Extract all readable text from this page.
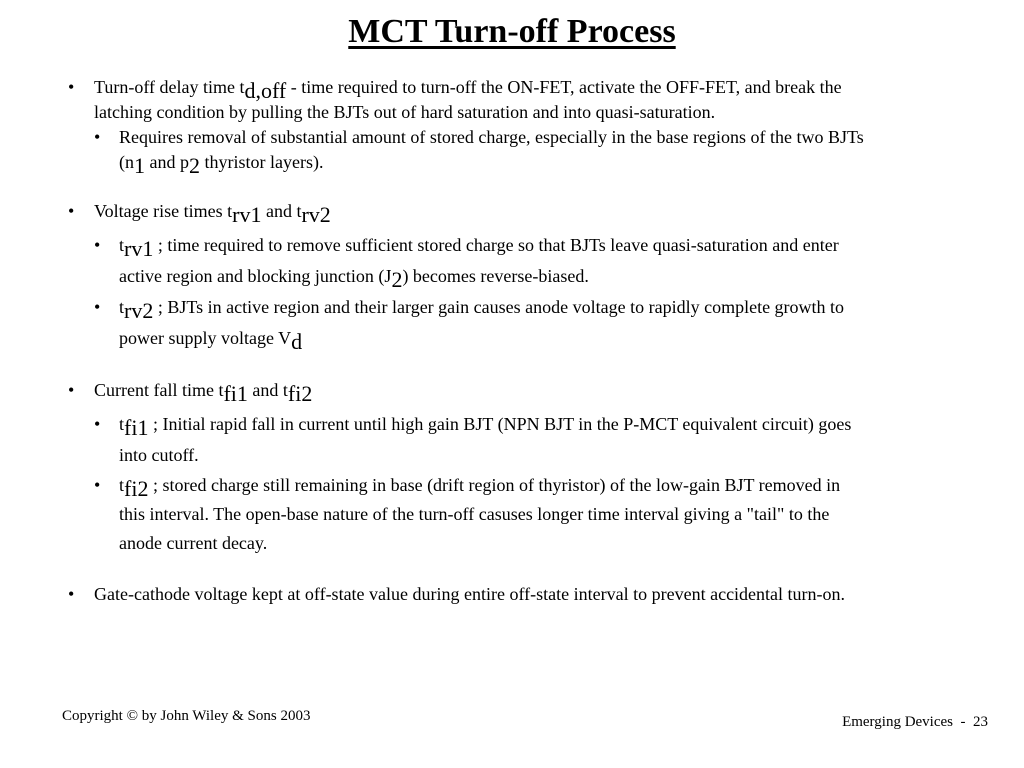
MCT Turn-off Process
• Turn-off delay time td,off - time required to turn-off the ON-FET, activate the OFF-FET, and break the latching condition by pulling the BJTs out of hard saturation and into quasi-saturation.
• Requires removal of substantial amount of stored charge, especially in the base regions of the two BJTs (n1 and p2 thyristor layers).
• Voltage rise times trv1 and trv2
• trv1 ; time required to remove sufficient stored charge so that BJTs leave quasi-saturation and enter active region and blocking junction (J2) becomes reverse-biased.
• trv2 ; BJTs in active region and their larger gain causes anode voltage to rapidly complete growth to power supply voltage Vd
• Current fall time tfi1 and tfi2
• tfi1 ; Initial rapid fall in current until high gain BJT (NPN BJT in the P-MCT equivalent circuit) goes into cutoff.
• tfi2 ; stored charge still remaining in base (drift region of thyristor) of the low-gain BJT removed in this interval. The open-base nature of the turn-off casuses longer time interval giving a "tail" to the anode current decay.
• Gate-cathode voltage kept at off-state value during entire off-state interval to prevent accidental turn-on.
Copyright © by John Wiley & Sons 2003	Emerging Devices  -  23
